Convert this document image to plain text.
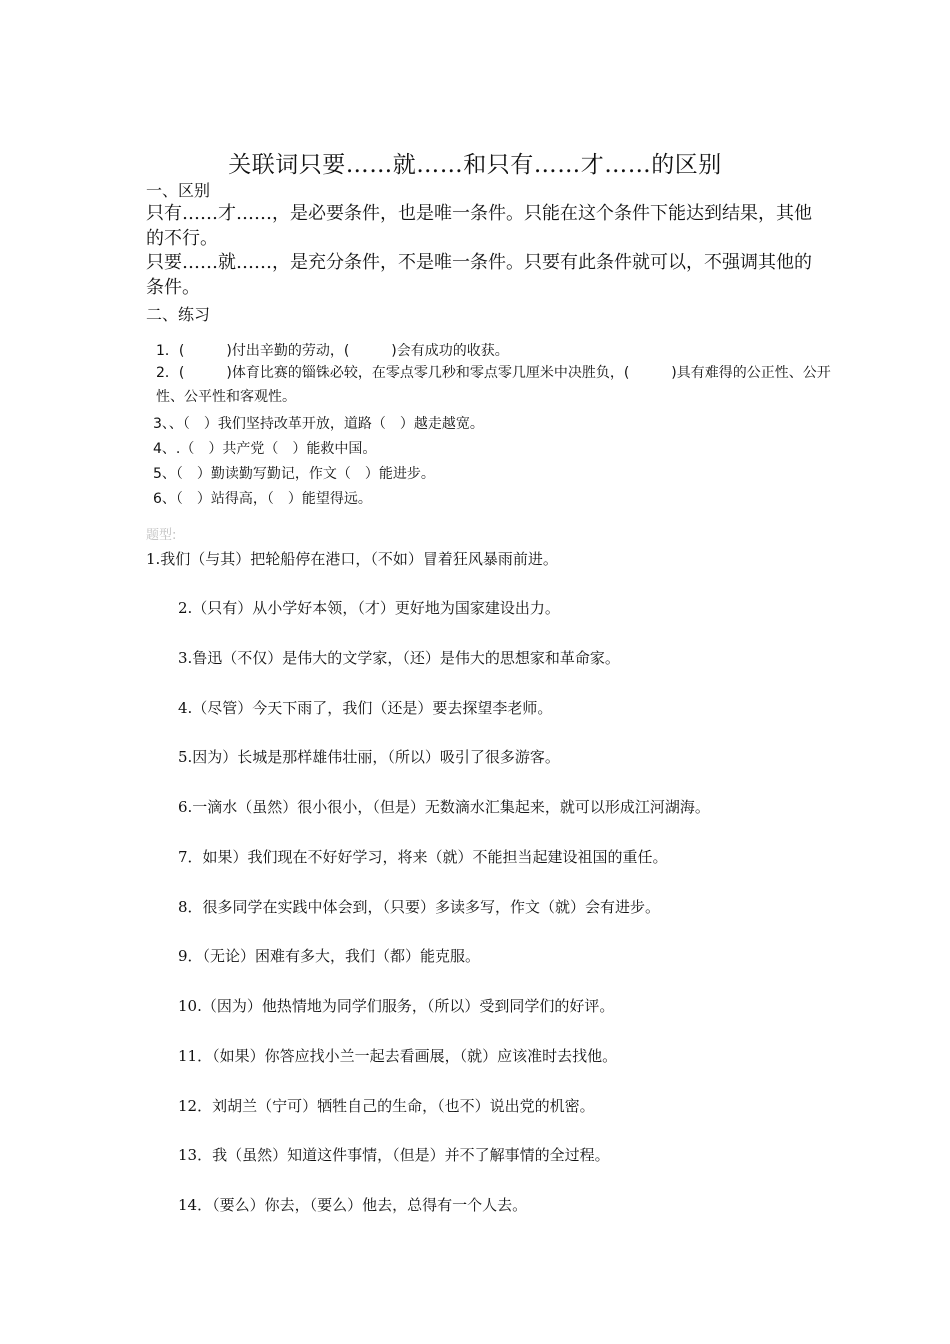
关联词只要……就……和只有……才……的区别
一、区别
只有……才……，是必要条件，也是唯一条件。只能在这个条件下能达到结果，其他的不行。
只要……就……，是充分条件，不是唯一条件。只要有此条件就可以，不强调其他的条件。
二、练习
1．(　　　)付出辛勤的劳动，(　　　)会有成功的收获。
2．(　　　)体育比赛的锱铢必较，在零点零几秒和零点零几厘米中决胜负，(　　　)具有难得的公正性、公开性、公平性和客观性。
3、、（　）我们坚持改革开放，道路（　）越走越宽。
4、.（　）共产党（　）能救中国。
5、（　）勤读勤写勤记，作文（　）能进步。
6、（　）站得高，（　）能望得远。
题型:
1.我们（与其）把轮船停在港口，（不如）冒着狂风暴雨前进。
2.（只有）从小学好本领，（才）更好地为国家建设出力。
3.鲁迅（不仅）是伟大的文学家，（还）是伟大的思想家和革命家。
4.（尽管）今天下雨了，我们（还是）要去探望李老师。
5.因为）长城是那样雄伟壮丽，（所以）吸引了很多游客。
6.一滴水（虽然）很小很小，（但是）无数滴水汇集起来，就可以形成江河湖海。
7．如果）我们现在不好好学习，将来（就）不能担当起建设祖国的重任。
8．很多同学在实践中体会到，（只要）多读多写，作文（就）会有进步。
9．（无论）困难有多大，我们（都）能克服。
10.（因为）他热情地为同学们服务，（所以）受到同学们的好评。
11．（如果）你答应找小兰一起去看画展，（就）应该准时去找他。
12．刘胡兰（宁可）牺牲自己的生命，（也不）说出党的机密。
13．我（虽然）知道这件事情，（但是）并不了解事情的全过程。
14．（要么）你去，（要么）他去，总得有一个人去。
